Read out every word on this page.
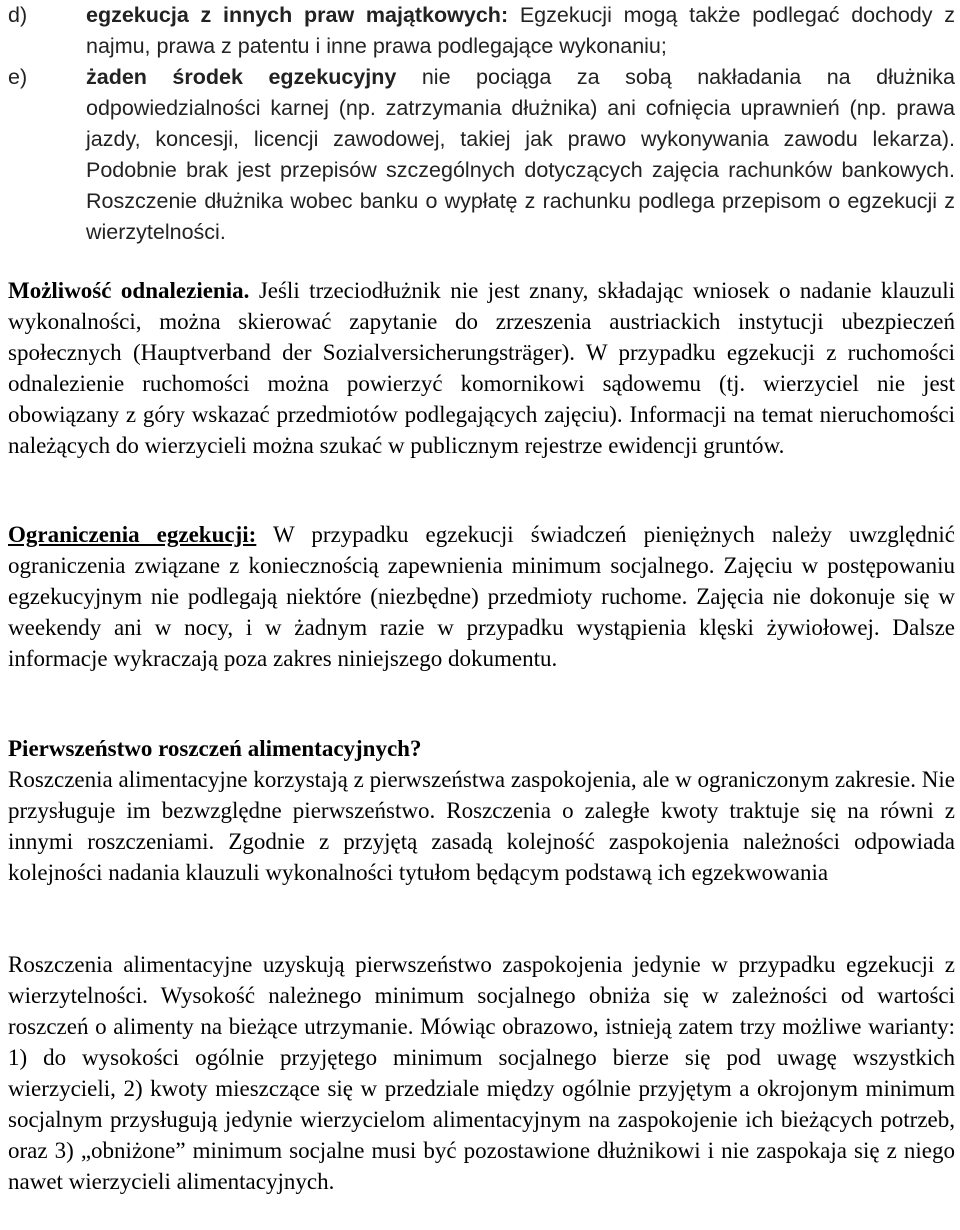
d)	egzekucja z innych praw majątkowych: Egzekucji mogą także podlegać dochody z najmu, prawa z patentu i inne prawa podlegające wykonaniu;

e)	żaden środek egzekucyjny nie pociąga za sobą nakładania na dłużnika odpowiedzialności karnej (np. zatrzymania dłużnika) ani cofnięcia uprawnień (np. prawa jazdy, koncesji, licencji zawodowej, takiej jak prawo wykonywania zawodu lekarza). Podobnie brak jest przepisów szczególnych dotyczących zajęcia rachunków bankowych. Roszczenie dłużnika wobec banku o wypłatę z rachunku podlega przepisom o egzekucji z wierzytelności.

Możliwość odnalezienia. Jeśli trzeciodłużnik nie jest znany, składając wniosek o nadanie klauzuli wykonalności, można skierować zapytanie do zrzeszenia austriackich instytucji ubezpieczeń społecznych (Hauptverband der Sozialversicherungsträger). W przypadku egzekucji z ruchomości odnalezienie ruchomości można powierzyć komornikowi sądowemu (tj. wierzyciel nie jest obowiązany z góry wskazać przedmiotów podlegających zajęciu). Informacji na temat nieruchomości należących do wierzycieli można szukać w publicznym rejestrze ewidencji gruntów.

Ograniczenia egzekucji: W przypadku egzekucji świadczeń pieniężnych należy uwzględnić ograniczenia związane z koniecznością zapewnienia minimum socjalnego. Zajęciu w postępowaniu egzekucyjnym nie podlegają niektóre (niezbędne) przedmioty ruchome. Zajęcia nie dokonuje się w weekendy ani w nocy, i w żadnym razie w przypadku wystąpienia klęski żywiołowej. Dalsze informacje wykraczają poza zakres niniejszego dokumentu.

Pierwszeństwo roszczeń alimentacyjnych?
Roszczenia alimentacyjne korzystają z pierwszeństwa zaspokojenia, ale w ograniczonym zakresie. Nie przysługuje im bezwzględne pierwszeństwo. Roszczenia o zaległe kwoty traktuje się na równi z innymi roszczeniami. Zgodnie z przyjętą zasadą kolejność zaspokojenia należności odpowiada kolejności nadania klauzuli wykonalności tytułom będącym podstawą ich egzekwowania

Roszczenia alimentacyjne uzyskują pierwszeństwo zaspokojenia jedynie w przypadku egzekucji z wierzytelności. Wysokość należnego minimum socjalnego obniża się w zależności od wartości roszczeń o alimenty na bieżące utrzymanie. Mówiąc obrazowo, istnieją zatem trzy możliwe warianty: 1) do wysokości ogólnie przyjętego minimum socjalnego bierze się pod uwagę wszystkich wierzycieli, 2) kwoty mieszczące się w przedziale między ogólnie przyjętym a okrojonym minimum socjalnym przysługują jedynie wierzycielom alimentacyjnym na zaspokojenie ich bieżących potrzeb, oraz 3) „obniżone” minimum socjalne musi być pozostawione dłużnikowi i nie zaspokaja się z niego nawet wierzycieli alimentacyjnych.
